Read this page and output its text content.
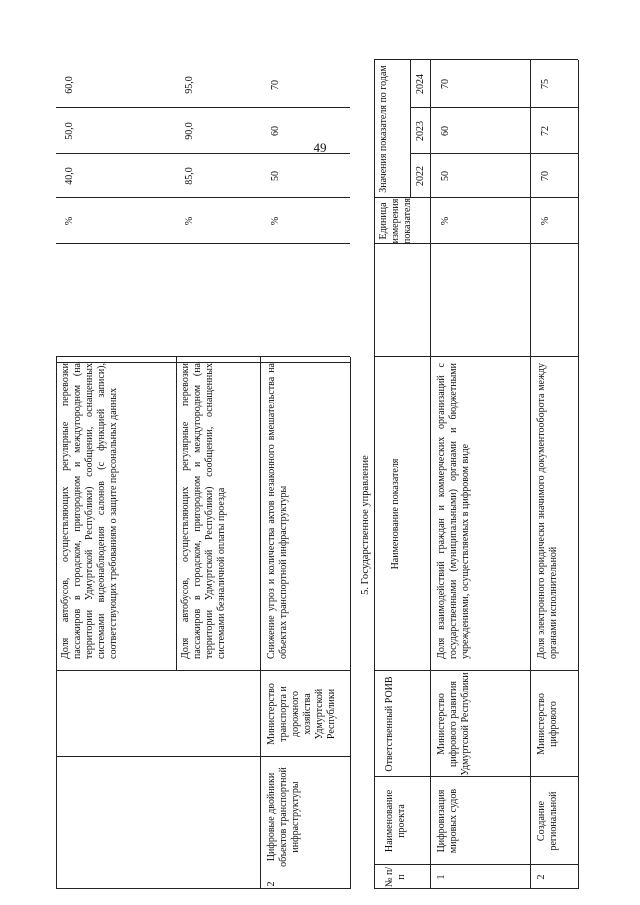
49
Доля автобусов, осуществляющих регулярные перевозки пассажиров в городском, пригородном и междугородном (на территории Удмуртской Республики) сообщении, оснащенных системами видеонаблюдения салонов (с функцией записи), соответствующих требованиям о защите персональных данных
%
40,0
50,0
60,0
Доля автобусов, осуществляющих регулярные перевозки пассажиров в городском, пригородном и междугородном (на территории Удмуртской Республики) сообщении, оснащенных системами безналичной оплаты проезда
%
85,0
90,0
95,0
2
Цифровые двойники объектов транспортной инфраструктуры
Министерство транспорта и дорожного хозяйства Удмуртской Республики
Снижение угроз и количества актов незаконного вмешательства на объектах транспортной инфраструктуры
%
50
60
70
5. Государственное управление
№ п/п
Наименование проекта
Ответственный РОИВ
Наименование показателя
Единица измерения показателя
Значения показателя по годам	2022
2023
2024
1
Цифровизация мировых судов
Министерство цифрового развития Удмуртской Республики
Доля взаимодействий граждан и коммерческих организаций с государственными (муниципальными) органами и бюджетными учреждениями, осуществляемых в цифровом виде
%
50
60
70
2
Создание региональной
Министерство цифрового
Доля электронного юридически значимого документооборота между органами исполнительной
%
70
72
75
